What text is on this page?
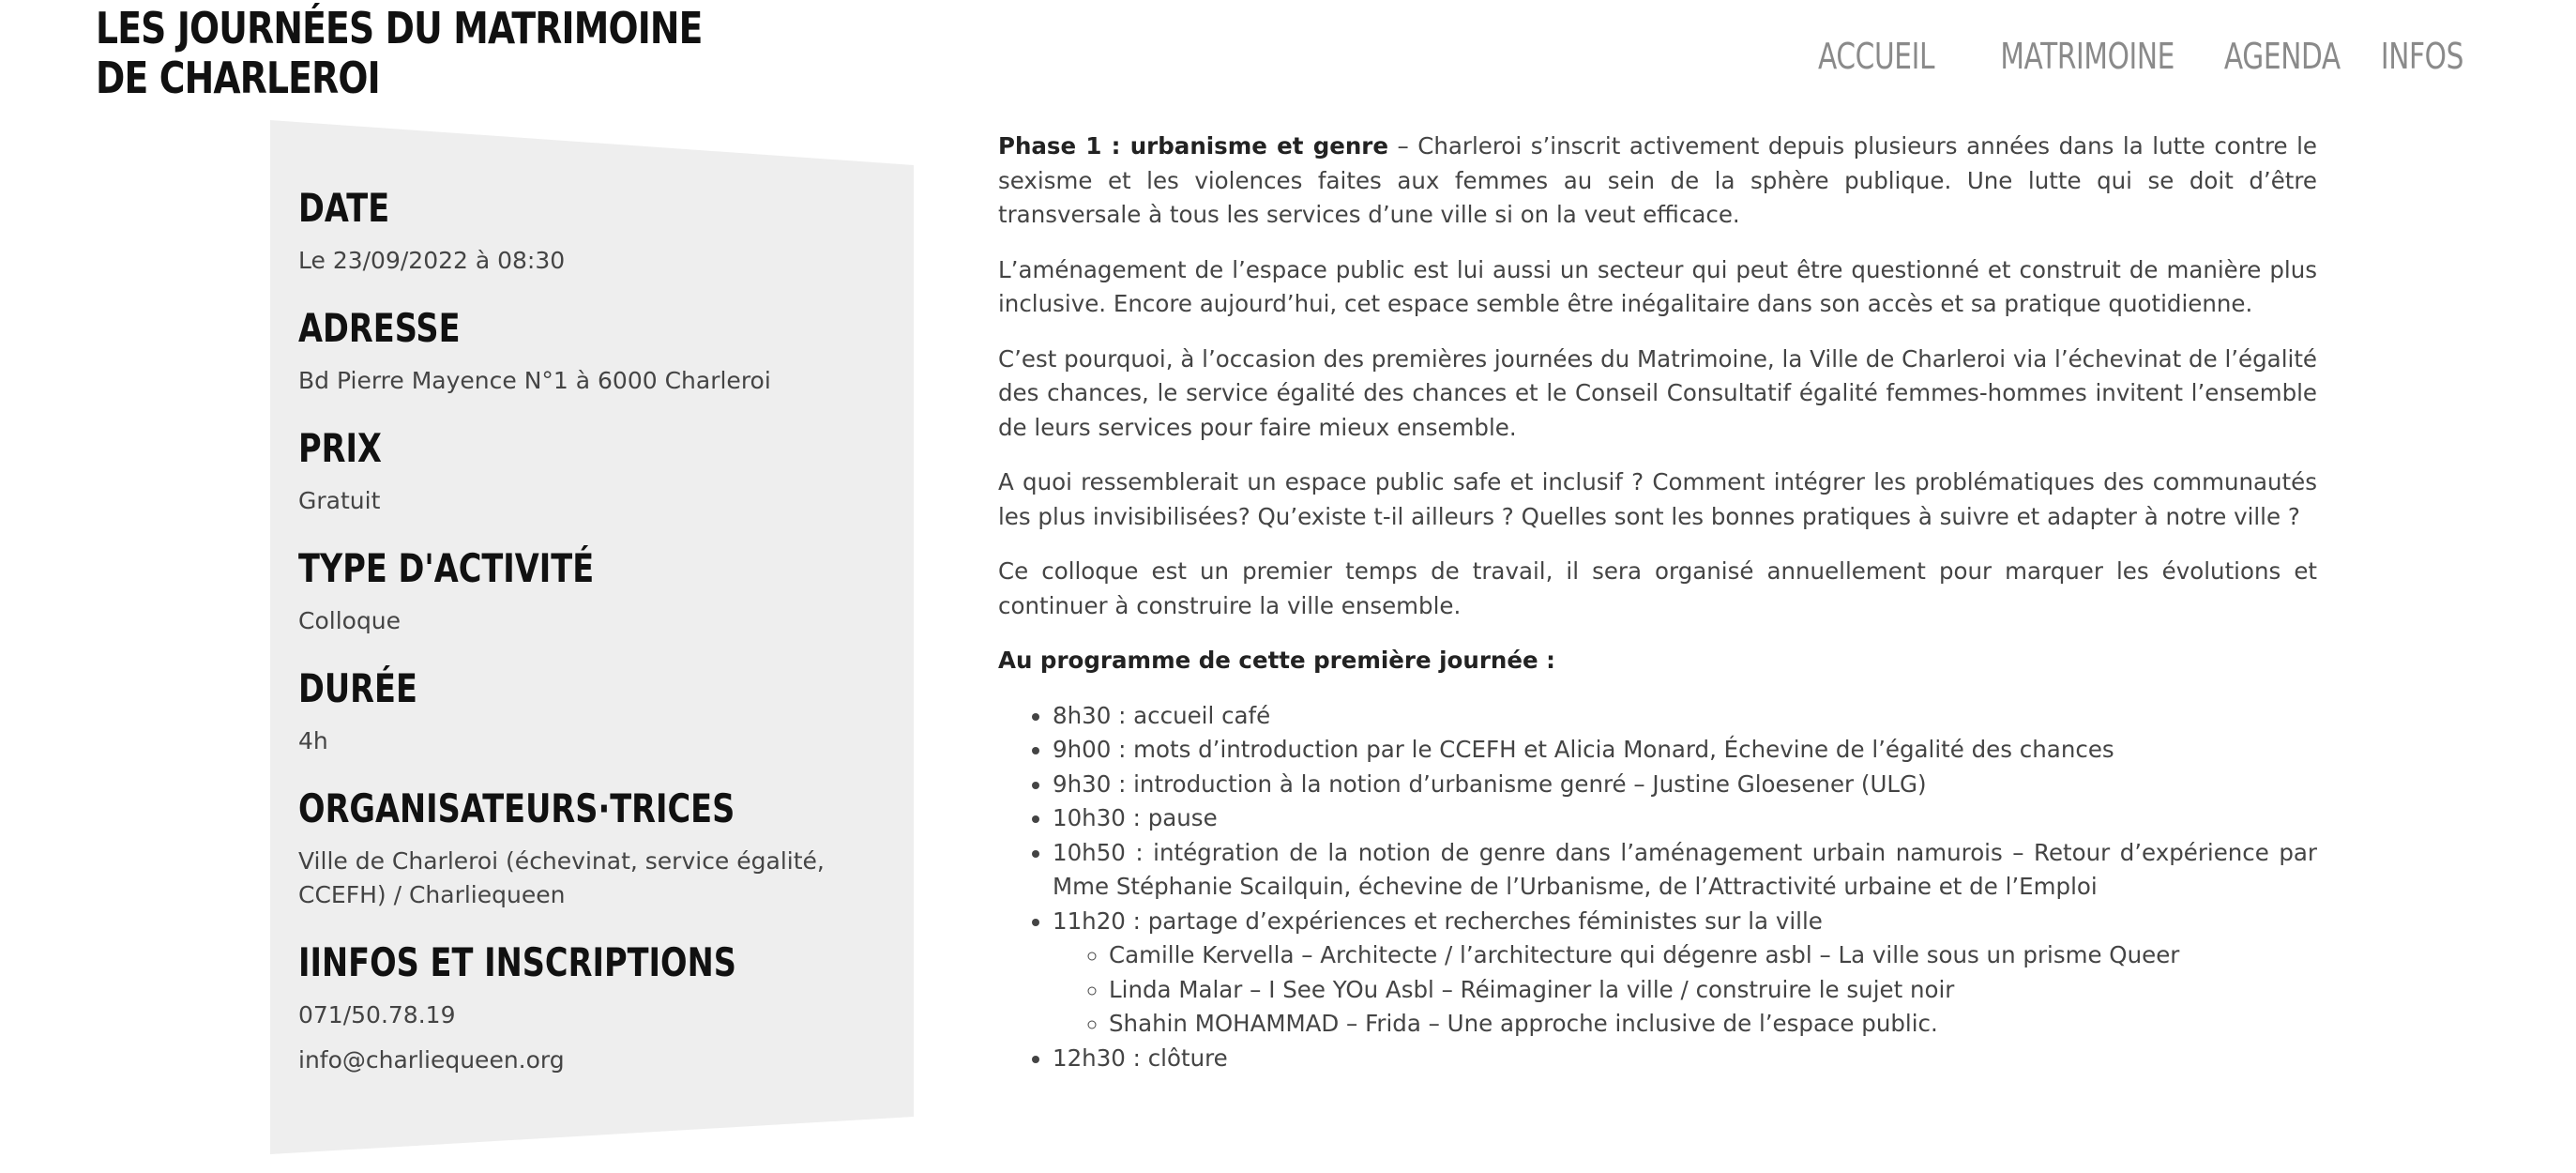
LES JOURNÉES DU MATRIMOINE
DE CHARLEROI	ACCUEIL	MATRIMOINE	AGENDA	INFOS
DATE

Le 23/09/2022 à 08:30

ADRESSE

Bd Pierre Mayence N°1 à 6000 Charleroi

PRIX

Gratuit

TYPE D'ACTIVITÉ

Colloque

DURÉE

4h

ORGANISATEURS·TRICES

Ville de Charleroi (échevinat, service égalité, CCEFH) / Charliequeen

IINFOS ET INSCRIPTIONS

071/50.78.19

info@charliequeen.org

Phase 1 : urbanisme et genre – Charleroi s’inscrit activement depuis plusieurs années dans la lutte contre le sexisme et les violences faites aux femmes au sein de la sphère publique. Une lutte qui se doit d’être transversale à tous les services d’une ville si on la veut efficace.

L’aménagement de l’espace public est lui aussi un secteur qui peut être questionné et construit de manière plus inclusive. Encore aujourd’hui, cet espace semble être inégalitaire dans son accès et sa pratique quotidienne.

C’est pourquoi, à l’occasion des premières journées du Matrimoine, la Ville de Charleroi via l’échevinat de l’égalité des chances, le service égalité des chances et le Conseil Consultatif égalité femmes-hommes invitent l’ensemble de leurs services pour faire mieux ensemble.

A quoi ressemblerait un espace public safe et inclusif ? Comment intégrer les problématiques des communautés les plus invisibilisées? Qu’existe t-il ailleurs ? Quelles sont les bonnes pratiques à suivre et adapter à notre ville ?

Ce colloque est un premier temps de travail, il sera organisé annuellement pour marquer les évolutions et continuer à construire la ville ensemble.

Au programme de cette première journée :

• 8h30 : accueil café
• 9h00 : mots d’introduction par le CCEFH et Alicia Monard, Échevine de l’égalité des chances
• 9h30 : introduction à la notion d’urbanisme genré – Justine Gloesener (ULG)
• 10h30 : pause
• 10h50 : intégration de la notion de genre dans l’aménagement urbain namurois – Retour d’expérience par Mme Stéphanie Scailquin, échevine de l’Urbanisme, de l’Attractivité urbaine et de l’Emploi
• 11h20 : partage d’expériences et recherches féministes sur la ville
◦ Camille Kervella – Architecte / l’architecture qui dégenre asbl – La ville sous un prisme Queer
◦ Linda Malar – I See YOu Asbl – Réimaginer la ville / construire le sujet noir
◦ Shahin MOHAMMAD – Frida – Une approche inclusive de l’espace public.
• 12h30 : clôture
